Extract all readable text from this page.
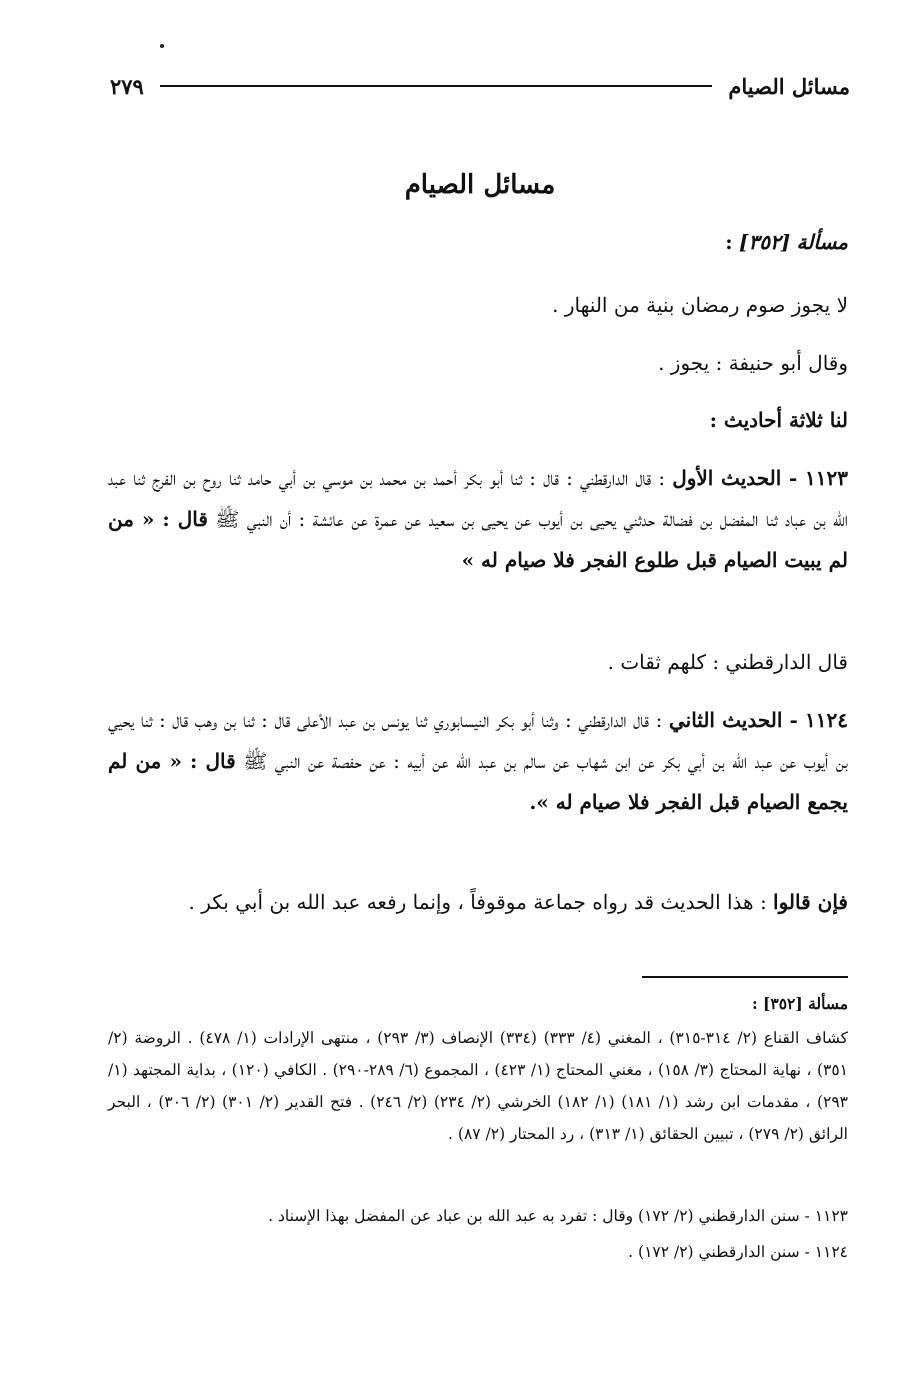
مسائل الصيام
٢٧٩
مسائل الصيام
مسألة [٣٥٢] :
لا يجوز صوم رمضان بنية من النهار .
وقال أبو حنيفة : يجوز .
لنا ثلاثة أحاديث :
١١٢٣ - الحديث الأول : قال الدارقطني : قال : ثنا أبو بكر أحمد بن محمد بن موسي بن أبي حامد ثنا روح بن الفرج ثنا عبد الله بن عباد ثنا المفضل بن فضالة حدثني يحيى بن أيوب عن يحيى بن سعيد عن عمرة عن عائشة : أن النبي ﷺ قال : « من لم يبيت الصيام قبل طلوع الفجر فلا صيام له »
قال الدارقطني : كلهم ثقات .
١١٢٤ - الحديث الثاني : قال الدارقطني : وثنا أبو بكر النيسابوري ثنا يونس بن عبد الأعلى قال : ثنا بن وهب قال : ثنا يحيي بن أيوب عن عبد الله بن أبي بكر عن ابن شهاب عن سالم بن عبد الله عن أبيه : عن حفصة عن النبي ﷺ قال : « من لم يجمع الصيام قبل الفجر فلا صيام له ».
فإن قالوا : هذا الحديث قد رواه جماعة موقوفاً ، وإنما رفعه عبد الله بن أبي بكر .
مسألة [٣٥٢] :
كشاف القناع (٢/ ٣١٤-٣١٥) ، المغني (٤/ ٣٣٣) (٣٣٤) الإنصاف (٣/ ٢٩٣) ، منتهى الإرادات (١/ ٤٧٨) . الروضة (٢/ ٣٥١) ، نهاية المحتاج (٣/ ١٥٨) ، مغني المحتاج (١/ ٤٢٣) ، المجموع (٦/ ٢٨٩-٢٩٠) . الكافي (١٢٠) ، بداية المجتهد (١/ ٢٩٣) ، مقدمات ابن رشد (١/ ١٨١) (١/ ١٨٢) الخرشي (٢/ ٢٣٤) (٢/ ٢٤٦) . فتح القدير (٢/ ٣٠١) (٢/ ٣٠٦) ، البحر الرائق (٢/ ٢٧٩) ، تبيين الحقائق (١/ ٣١٣) ، رد المحتار (٢/ ٨٧) .
١١٢٣ - سنن الدارقطني (٢/ ١٧٢) وقال : تفرد به عبد الله بن عباد عن المفضل بهذا الإسناد .
١١٢٤ - سنن الدارقطني (٢/ ١٧٢) .
